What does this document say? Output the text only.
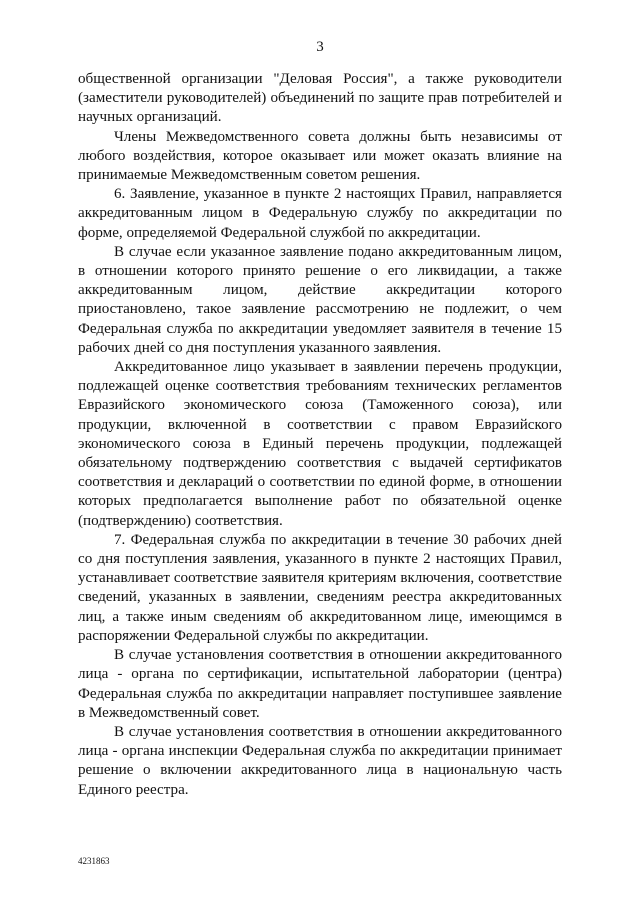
3

общественной организации "Деловая Россия", а также руководители (заместители руководителей) объединений по защите прав потребителей и научных организаций.

Члены Межведомственного совета должны быть независимы от любого воздействия, которое оказывает или может оказать влияние на принимаемые Межведомственным советом решения.

6. Заявление, указанное в пункте 2 настоящих Правил, направляется аккредитованным лицом в Федеральную службу по аккредитации по форме, определяемой Федеральной службой по аккредитации.

В случае если указанное заявление подано аккредитованным лицом, в отношении которого принято решение о его ликвидации, а также аккредитованным лицом, действие аккредитации которого приостановлено, такое заявление рассмотрению не подлежит, о чем Федеральная служба по аккредитации уведомляет заявителя в течение 15 рабочих дней со дня поступления указанного заявления.

Аккредитованное лицо указывает в заявлении перечень продукции, подлежащей оценке соответствия требованиям технических регламентов Евразийского экономического союза (Таможенного союза), или продукции, включенной в соответствии с правом Евразийского экономического союза в Единый перечень продукции, подлежащей обязательному подтверждению соответствия с выдачей сертификатов соответствия и деклараций о соответствии по единой форме, в отношении которых предполагается выполнение работ по обязательной оценке (подтверждению) соответствия.

7. Федеральная служба по аккредитации в течение 30 рабочих дней со дня поступления заявления, указанного в пункте 2 настоящих Правил, устанавливает соответствие заявителя критериям включения, соответствие сведений, указанных в заявлении, сведениям реестра аккредитованных лиц, а также иным сведениям об аккредитованном лице, имеющимся в распоряжении Федеральной службы по аккредитации.

В случае установления соответствия в отношении аккредитованного лица - органа по сертификации, испытательной лаборатории (центра) Федеральная служба по аккредитации направляет поступившее заявление в Межведомственный совет.

В случае установления соответствия в отношении аккредитованного лица - органа инспекции Федеральная служба по аккредитации принимает решение о включении аккредитованного лица в национальную часть Единого реестра.

4231863
